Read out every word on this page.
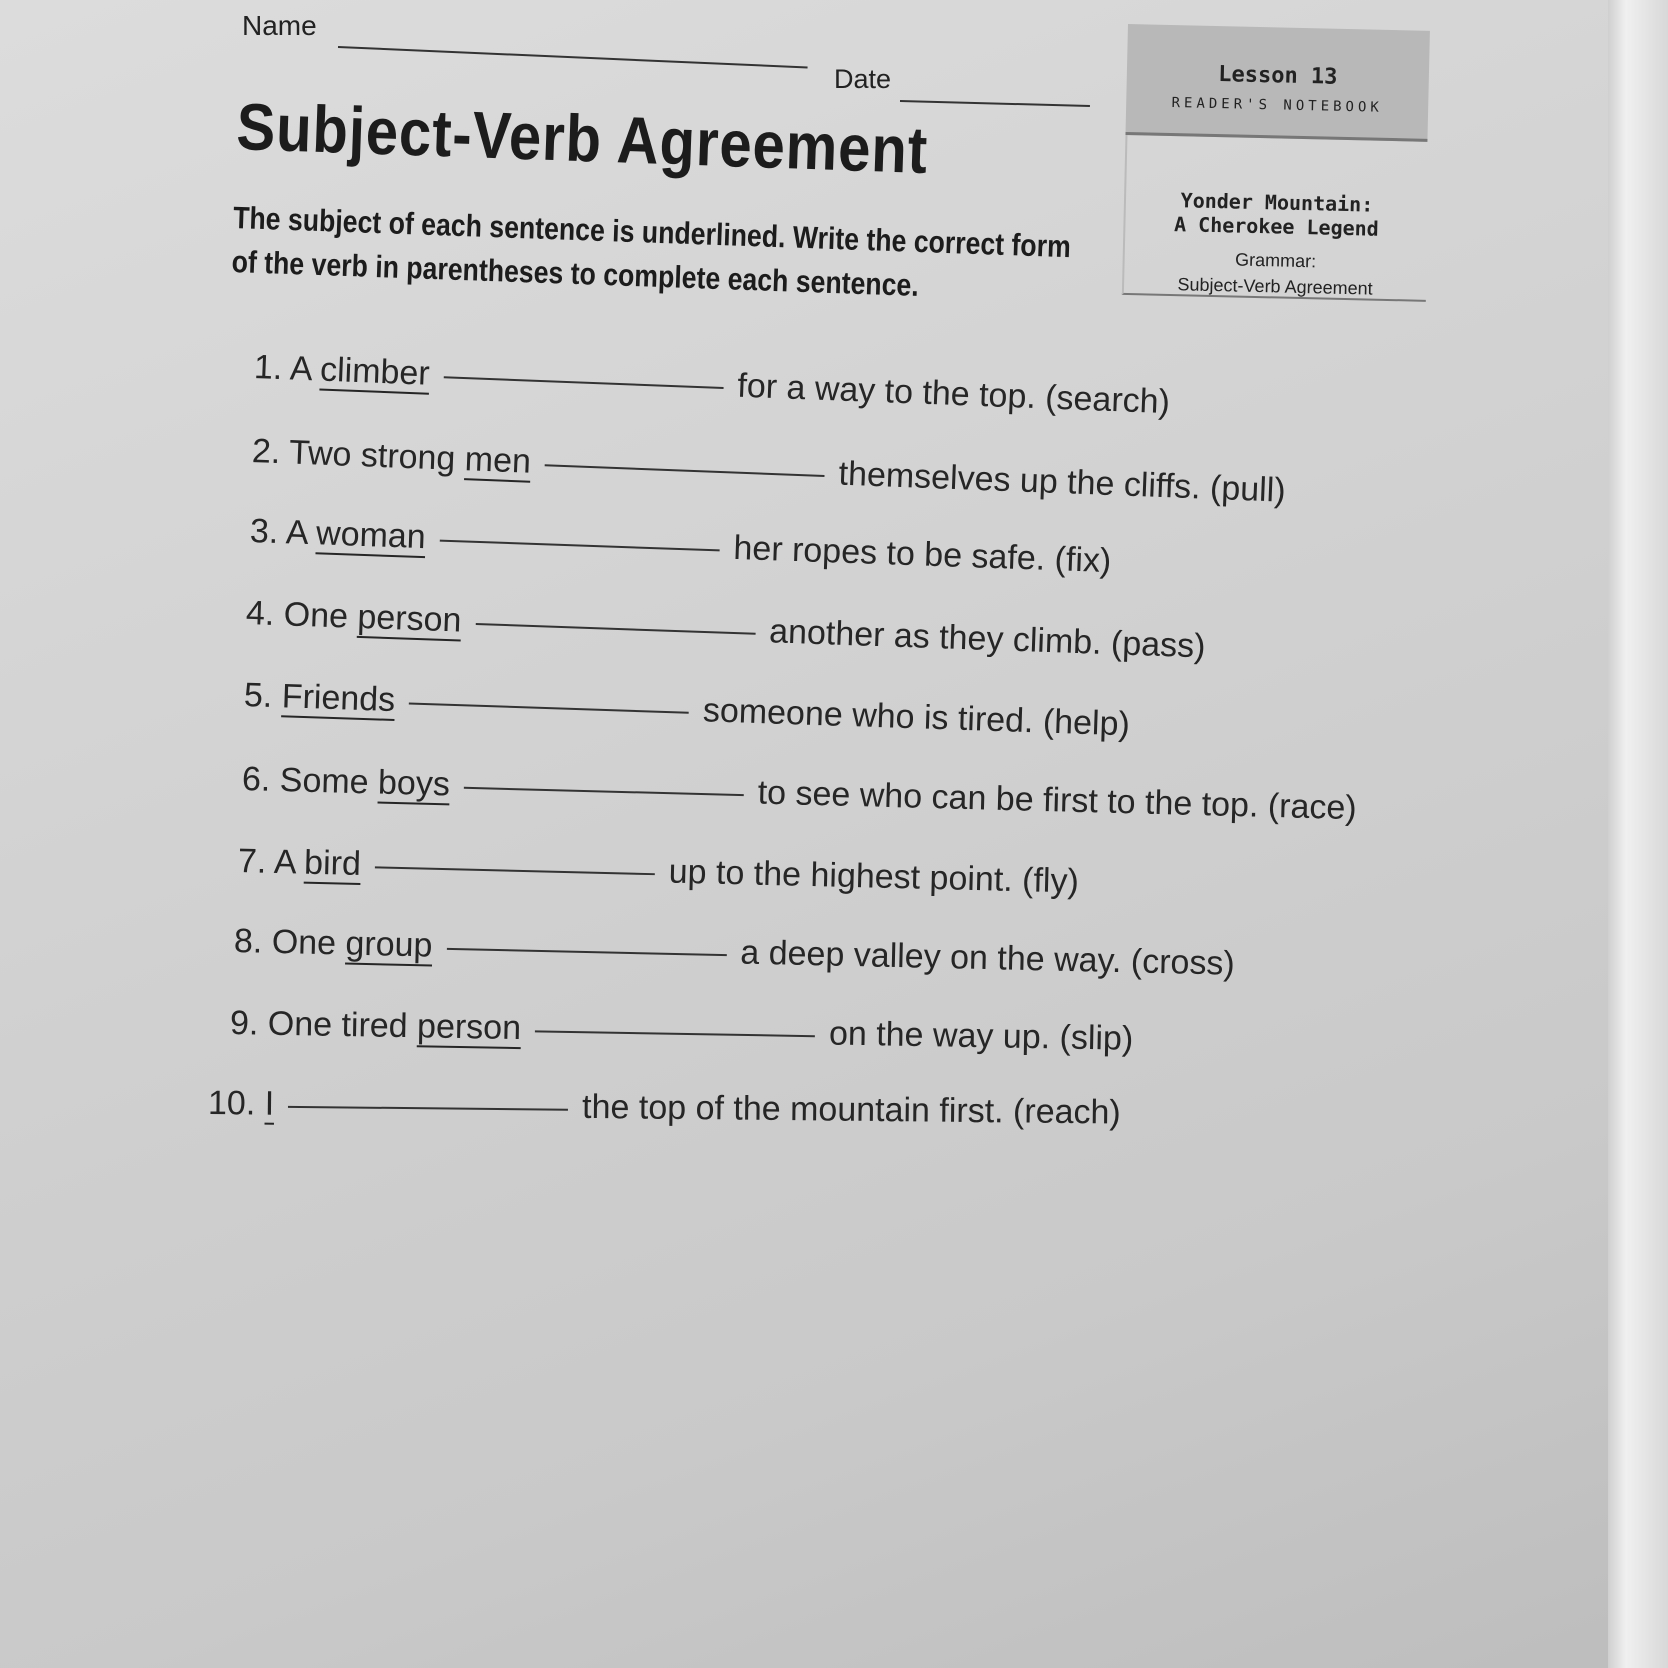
Name
Date	Lesson 13
READER'S NOTEBOOK
Yonder Mountain:
A Cherokee Legend
Grammar:
Subject-Verb Agreement
Subject-Verb Agreement
The subject of each sentence is underlined. Write the correct form of the verb in parentheses to complete each sentence.
1. A climber	for a way to the top. (search)
2. Two strong men	themselves up the cliffs. (pull)
3. A woman	her ropes to be safe. (fix)
4. One person	another as they climb. (pass)
5. Friends	someone who is tired. (help)
6. Some boys	to see who can be first to the top. (race)
7. A bird	up to the highest point. (fly)
8. One group	a deep valley on the way. (cross)
9. One tired person	on the way up. (slip)
10. I	the top of the mountain first. (reach)
